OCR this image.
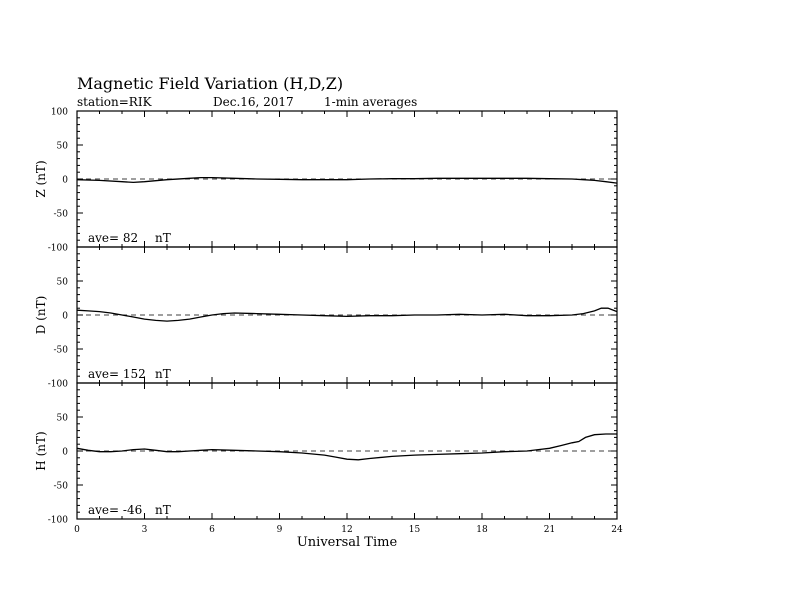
Magnetic Field Variation (H,D,Z)
station=RIK	Dec.16, 2017	1-min averages
100
50
0
-50
-100
Z (nT)
ave= 82 nT
50
0
-50
-100
D (nT)
ave= 152 nT
50
0
-50
-100
H (nT)
ave= -46 nT
0	3	6	9	12	15	18	21	24
Universal Time
